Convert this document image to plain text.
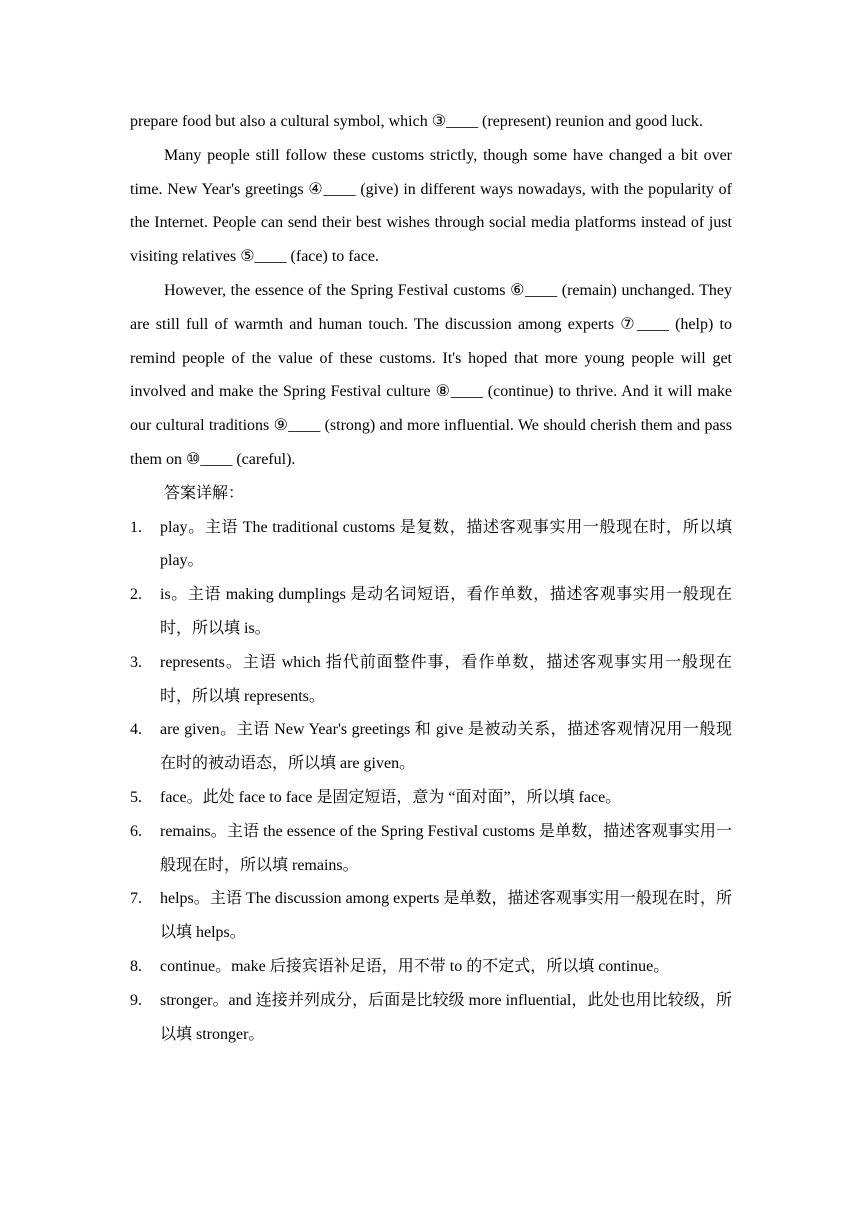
prepare food but also a cultural symbol, which ③____ (represent) reunion and good luck.

Many people still follow these customs strictly, though some have changed a bit over time. New Year's greetings ④____ (give) in different ways nowadays, with the popularity of the Internet. People can send their best wishes through social media platforms instead of just visiting relatives ⑤____ (face) to face.

However, the essence of the Spring Festival customs ⑥____ (remain) unchanged. They are still full of warmth and human touch. The discussion among experts ⑦____ (help) to remind people of the value of these customs. It's hoped that more young people will get involved and make the Spring Festival culture ⑧____ (continue) to thrive. And it will make our cultural traditions ⑨____ (strong) and more influential. We should cherish them and pass them on ⑩____ (careful).

答案详解：

1. play。主语 The traditional customs 是复数，描述客观事实用一般现在时，所以填 play。
2. is。主语 making dumplings 是动名词短语，看作单数，描述客观事实用一般现在时，所以填 is。
3. represents。主语 which 指代前面整件事，看作单数，描述客观事实用一般现在时，所以填 represents。
4. are given。主语 New Year's greetings 和 give 是被动关系，描述客观情况用一般现在时的被动语态，所以填 are given。
5. face。此处 face to face 是固定短语，意为 “面对面”，所以填 face。
6. remains。主语 the essence of the Spring Festival customs 是单数，描述客观事实用一般现在时，所以填 remains。
7. helps。主语 The discussion among experts 是单数，描述客观事实用一般现在时，所以填 helps。
8. continue。make 后接宾语补足语，用不带 to 的不定式，所以填 continue。
9. stronger。and 连接并列成分，后面是比较级 more influential，此处也用比较级，所以填 stronger。
